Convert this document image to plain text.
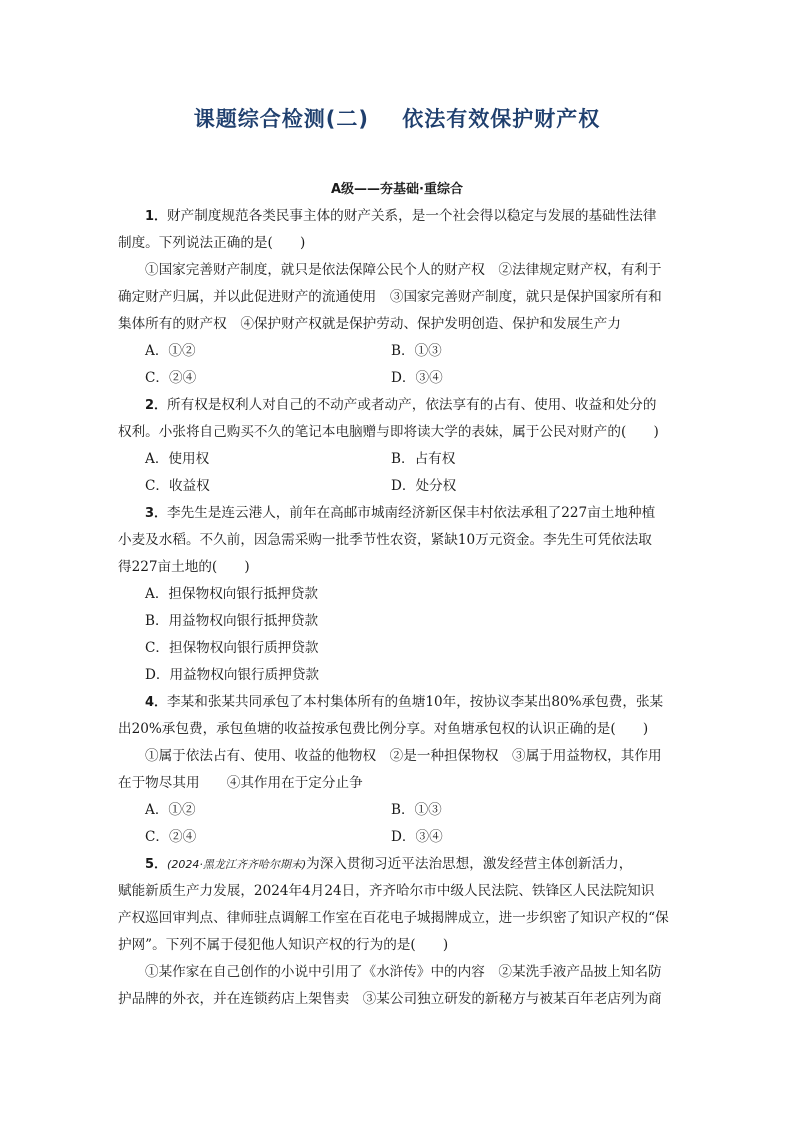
课题综合检测(二)    依法有效保护财产权
A级——夯基础·重综合
1．财产制度规范各类民事主体的财产关系，是一个社会得以稳定与发展的基础性法律
制度。下列说法正确的是(　　)
①国家完善财产制度，就只是依法保障公民个人的财产权　②法律规定财产权，有利于
确定财产归属，并以此促进财产的流通使用　③国家完善财产制度，就只是保护国家所有和
集体所有的财产权　④保护财产权就是保护劳动、保护发明创造、保护和发展生产力
A．①②	B．①③
C．②④	D．③④
2．所有权是权利人对自己的不动产或者动产，依法享有的占有、使用、收益和处分的
权利。小张将自己购买不久的笔记本电脑赠与即将读大学的表妹，属于公民对财产的(　　)
A．使用权	B．占有权
C．收益权	D．处分权
3．李先生是连云港人，前年在高邮市城南经济新区保丰村依法承租了227亩土地种植
小麦及水稻。不久前，因急需采购一批季节性农资，紧缺10万元资金。李先生可凭依法取
得227亩土地的(　　)
A．担保物权向银行抵押贷款
B．用益物权向银行抵押贷款
C．担保物权向银行质押贷款
D．用益物权向银行质押贷款
4．李某和张某共同承包了本村集体所有的鱼塘10年，按协议李某出80%承包费，张某
出20%承包费，承包鱼塘的收益按承包费比例分享。对鱼塘承包权的认识正确的是(　　)
①属于依法占有、使用、收益的他物权　②是一种担保物权　③属于用益物权，其作用
在于物尽其用　　④其作用在于定分止争
A．①②	B．①③
C．②④	D．③④
5．(2024·黑龙江齐齐哈尔期末)为深入贯彻习近平法治思想，激发经营主体创新活力，
赋能新质生产力发展，2024年4月24日，齐齐哈尔市中级人民法院、铁锋区人民法院知识
产权巡回审判点、律师驻点调解工作室在百花电子城揭牌成立，进一步织密了知识产权的“保
护网”。下列不属于侵犯他人知识产权的行为的是(　　)
①某作家在自己创作的小说中引用了《水浒传》中的内容　②某洗手液产品披上知名防
护品牌的外衣，并在连锁药店上架售卖　③某公司独立研发的新秘方与被某百年老店列为商
